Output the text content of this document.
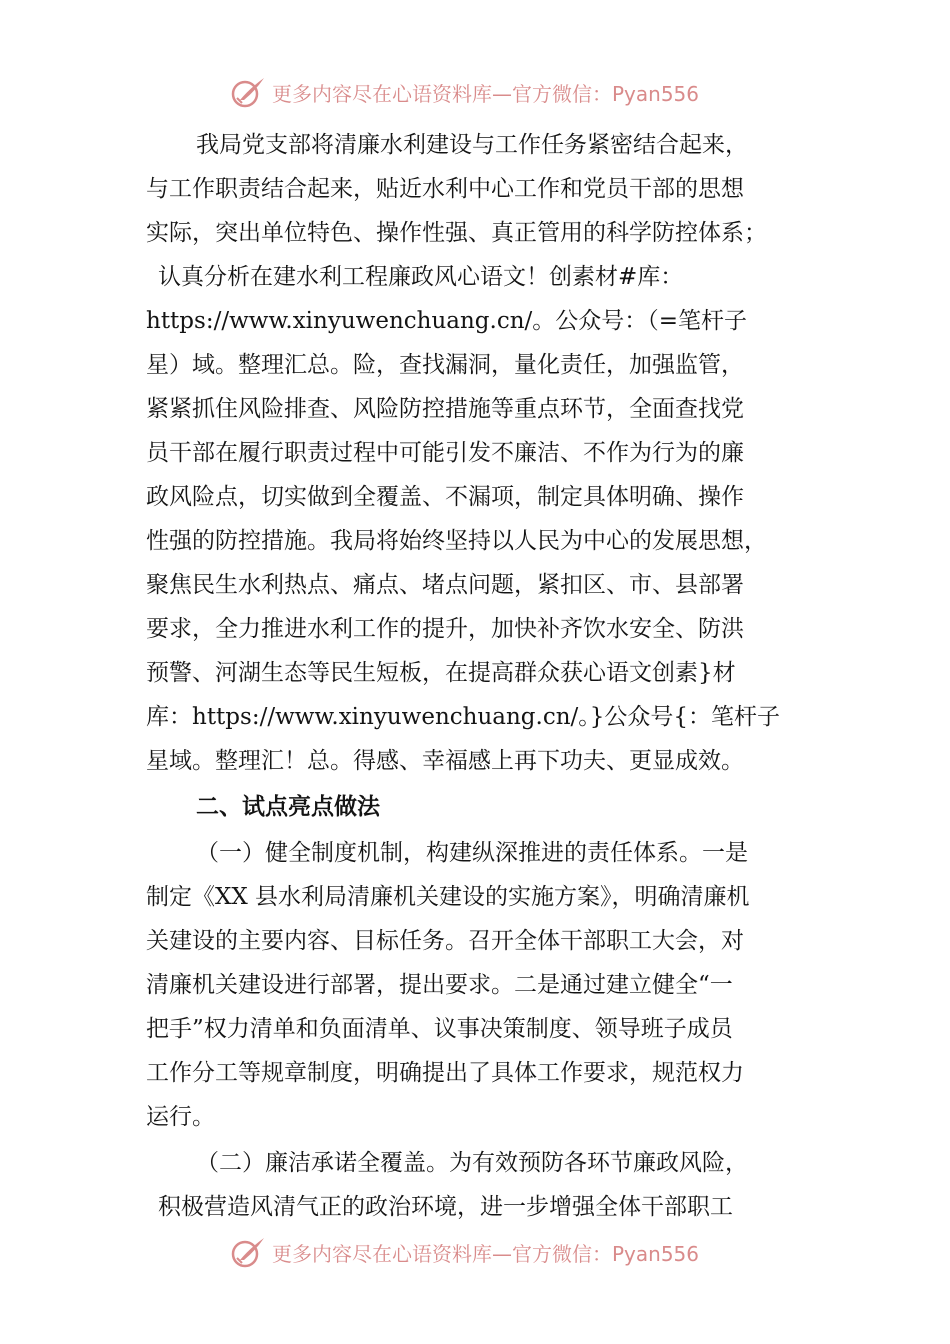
更多内容尽在心语资料库—官方微信：Pyan556
我局党支部将清廉水利建设与工作任务紧密结合起来，
与工作职责结合起来，贴近水利中心工作和党员干部的思想
实际，突出单位特色、操作性强、真正管用的科学防控体系；
认真分析在建水利工程廉政风心语文！创素材#库：
https://www.xinyuwenchuang.cn/。公众号：（=笔杆子
星）域。整理汇总。险，查找漏洞，量化责任，加强监管，
紧紧抓住风险排查、风险防控措施等重点环节，全面查找党
员干部在履行职责过程中可能引发不廉洁、不作为行为的廉
政风险点，切实做到全覆盖、不漏项，制定具体明确、操作
性强的防控措施。我局将始终坚持以人民为中心的发展思想，
聚焦民生水利热点、痛点、堵点问题，紧扣区、市、县部署
要求，全力推进水利工作的提升，加快补齐饮水安全、防洪
预警、河湖生态等民生短板，在提高群众获心语文创素}材
库：https://www.xinyuwenchuang.cn/。}公众号{：笔杆子
星域。整理汇！总。得感、幸福感上再下功夫、更显成效。
二、试点亮点做法
（一）健全制度机制，构建纵深推进的责任体系。一是
制定《XX 县水利局清廉机关建设的实施方案》，明确清廉机
关建设的主要内容、目标任务。召开全体干部职工大会，对
清廉机关建设进行部署，提出要求。二是通过建立健全“一
把手”权力清单和负面清单、议事决策制度、领导班子成员
工作分工等规章制度，明确提出了具体工作要求，规范权力
运行。
（二）廉洁承诺全覆盖。为有效预防各环节廉政风险，
积极营造风清气正的政治环境，进一步增强全体干部职工
更多内容尽在心语资料库—官方微信：Pyan556
